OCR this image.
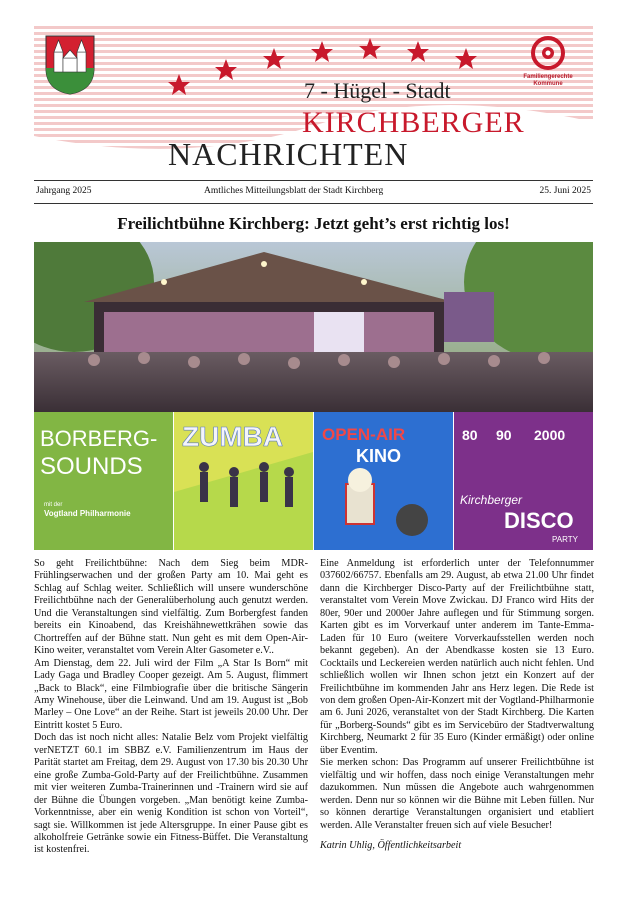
Familiengerechte
Kommune
7 - Hügel - Stadt
KIRCHBERGER
NACHRICHTEN
Jahrgang 2025	Amtliches Mitteilungsblatt der Stadt Kirchberg	25. Juni 2025
Freilichtbühne Kirchberg: Jetzt geht’s erst richtig los!
BORBERG-
SOUNDS
mit der
Vogtland Philharmonie
ZUMBA OPEN-AIR
KINO
80 90 2000
Kirchberger
DISCO
PARTY

So geht Freilichtbühne: Nach dem Sieg beim MDR-Frühlingserwachen und der großen Party am 10. Mai geht es Schlag auf Schlag weiter. Schließlich will unsere wunderschöne Freilichtbühne nach der Generalüberholung auch genutzt werden. Und die Veranstaltungen sind vielfältig. Zum Borbergfest fanden bereits ein Kinoabend, das Kreishähnewettkrähen sowie das Chortreffen auf der Bühne statt. Nun geht es mit dem Open-Air-Kino weiter, veranstaltet vom Verein Alter Gasometer e.V..

Am Dienstag, dem 22. Juli wird der Film „A Star Is Born“ mit Lady Gaga und Bradley Cooper gezeigt. Am 5. August, flimmert „Back to Black“, eine Filmbiografie über die britische Sängerin Amy Winehouse, über die Leinwand. Und am 19. August ist „Bob Marley – One Love“ an der Reihe. Start ist jeweils 20.00 Uhr. Der Eintritt kostet 5 Euro.

Doch das ist noch nicht alles: Natalie Belz vom Projekt vielfältig verNETZT 60.1 im SBBZ e.V. Familienzentrum im Haus der Parität startet am Freitag, dem 29. August von 17.30 bis 20.30 Uhr eine große Zumba-Gold-Party auf der Freilichtbühne. Zusammen mit vier weiteren Zumba-Trainerinnen und -Trainern wird sie auf der Bühne die Übungen vorgeben. „Man benötigt keine Zumba-Vorkenntnisse, aber ein wenig Kondition ist schon von Vorteil“, sagt sie. Willkommen ist jede Altersgruppe. In einer Pause gibt es alkoholfreie Getränke sowie ein Fitness-Büffet. Die Veranstaltung ist kostenfrei.

Eine Anmeldung ist erforderlich unter der Telefonnummer 037602/66757. Ebenfalls am 29. August, ab etwa 21.00 Uhr findet dann die Kirchberger Disco-Party auf der Freilichtbühne statt, veranstaltet vom Verein Move Zwickau. DJ Franco wird Hits der 80er, 90er und 2000er Jahre auflegen und für Stimmung sorgen. Karten gibt es im Vorverkauf unter anderem im Tante-Emma-Laden für 10 Euro (weitere Vorverkaufsstellen werden noch bekannt gegeben). An der Abendkasse kosten sie 13 Euro. Cocktails und Leckereien werden natürlich auch nicht fehlen. Und schließlich wollen wir Ihnen schon jetzt ein Konzert auf der Freilichtbühne im kommenden Jahr ans Herz legen. Die Rede ist von dem großen Open-Air-Konzert mit der Vogtland-Philharmonie am 6. Juni 2026, veranstaltet von der Stadt Kirchberg. Die Karten für „Borberg-Sounds“ gibt es im Servicebüro der Stadtverwaltung Kirchberg, Neumarkt 2 für 35 Euro (Kinder ermäßigt) oder online über Eventim.

Sie merken schon: Das Programm auf unserer Freilichtbühne ist vielfältig und wir hoffen, dass noch einige Veranstaltungen mehr dazukommen. Nun müssen die Angebote auch wahrgenommen werden. Denn nur so können wir die Bühne mit Leben füllen. Nur so können derartige Veranstaltungen organisiert und etabliert werden. Alle Veranstalter freuen sich auf viele Besucher!

Katrin Uhlig, Öffentlichkeitsarbeit
